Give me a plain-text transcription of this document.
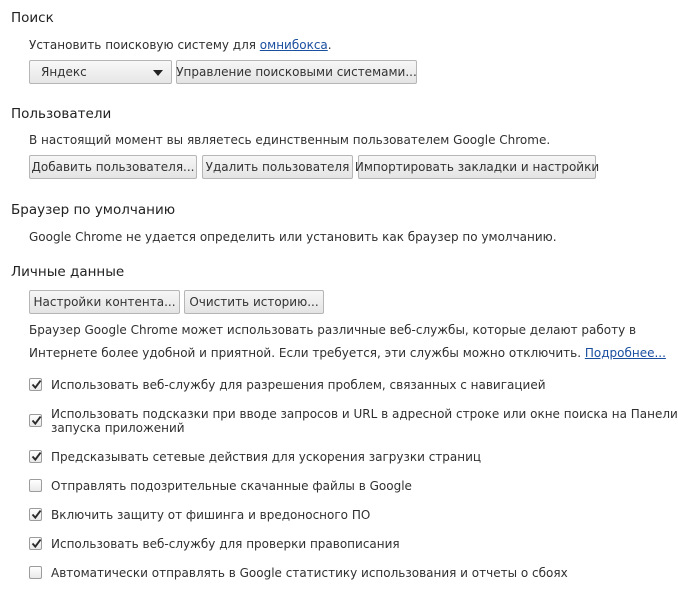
Поиск
Установить поисковую систему для омнибокса.
Яндекс	Управление поисковыми системами...
Пользователи
В настоящий момент вы являетесь единственным пользователем Google Chrome.
Добавить пользователя... Удалить пользователя Импортировать закладки и настройки
Браузер по умолчанию
Google Chrome не удается определить или установить как браузер по умолчанию.
Личные данные
Настройки контента...	Очистить историю...
Браузер Google Chrome может использовать различные веб-службы, которые делают работу в
Интернете более удобной и приятной. Если требуется, эти службы можно отключить. Подробнее...
Использовать веб-службу для разрешения проблем, связанных с навигацией
Использовать подсказки при вводе запросов и URL в адресной строке или окне поиска на Панели
запуска приложений
Предсказывать сетевые действия для ускорения загрузки страниц
Отправлять подозрительные скачанные файлы в Google
Включить защиту от фишинга и вредоносного ПО
Использовать веб-службу для проверки правописания
Автоматически отправлять в Google статистику использования и отчеты о сбоях
